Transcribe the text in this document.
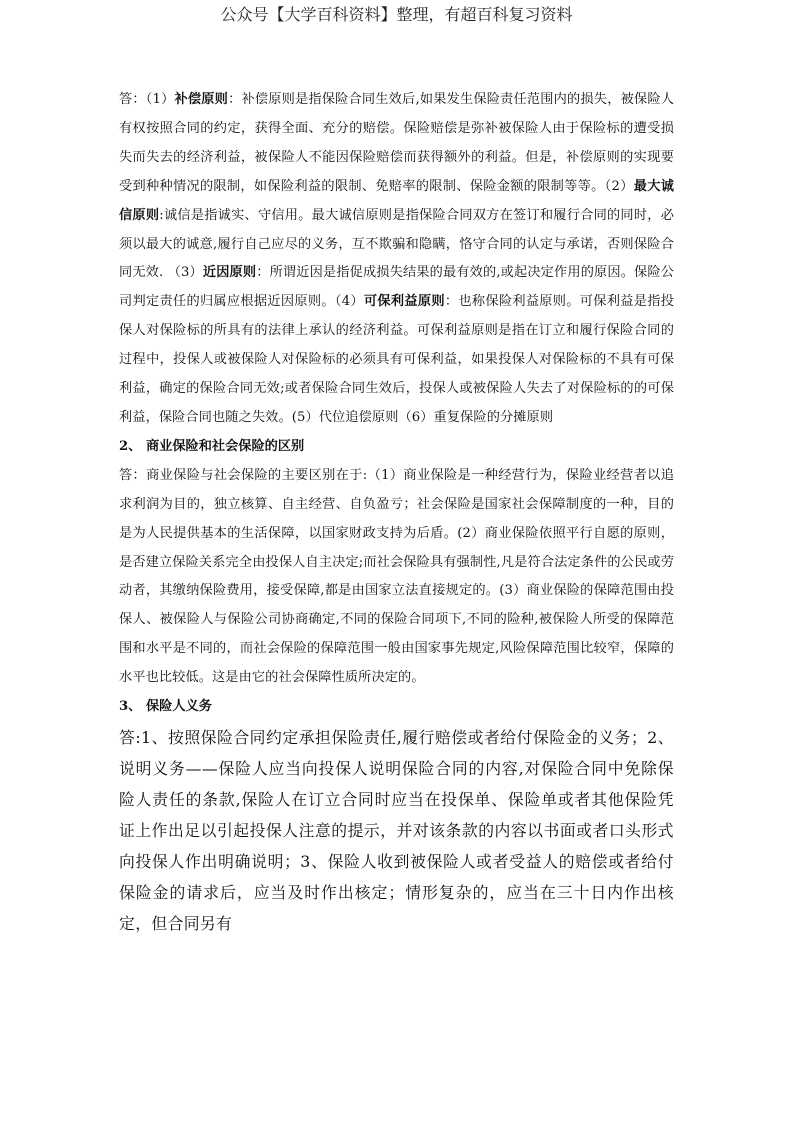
公众号【大学百科资料】整理，有超百科复习资料

答：（1）补偿原则：补偿原则是指保险合同生效后,如果发生保险责任范围内的损失，被保险人有权按照合同的约定，获得全面、充分的赔偿。保险赔偿是弥补被保险人由于保险标的遭受损失而失去的经济利益，被保险人不能因保险赔偿而获得额外的利益。但是，补偿原则的实现要受到种种情况的限制，如保险利益的限制、免赔率的限制、保险金额的限制等等。（2）最大诚信原则:诚信是指诚实、守信用。最大诚信原则是指保险合同双方在签订和履行合同的同时，必须以最大的诚意,履行自己应尽的义务，互不欺骗和隐瞒，恪守合同的认定与承诺，否则保险合同无效. （3）近因原则：所谓近因是指促成损失结果的最有效的,或起决定作用的原因。保险公司判定责任的归属应根据近因原则。（4）可保利益原则：也称保险利益原则。可保利益是指投保人对保险标的所具有的法律上承认的经济利益。可保利益原则是指在订立和履行保险合同的过程中，投保人或被保险人对保险标的必须具有可保利益，如果投保人对保险标的不具有可保利益，确定的保险合同无效;或者保险合同生效后，投保人或被保险人失去了对保险标的的可保利益，保险合同也随之失效。(5）代位追偿原则（6）重复保险的分摊原则

2、 商业保险和社会保险的区别

答：商业保险与社会保险的主要区别在于:（1）商业保险是一种经营行为，保险业经营者以追求利润为目的，独立核算、自主经营、自负盈亏；社会保险是国家社会保障制度的一种，目的是为人民提供基本的生活保障，以国家财政支持为后盾。(2）商业保险依照平行自愿的原则，是否建立保险关系完全由投保人自主决定;而社会保险具有强制性,凡是符合法定条件的公民或劳动者，其缴纳保险费用，接受保障,都是由国家立法直接规定的。(3）商业保险的保障范围由投保人、被保险人与保险公司协商确定,不同的保险合同项下,不同的险种,被保险人所受的保障范围和水平是不同的，而社会保险的保障范围一般由国家事先规定,风险保障范围比较窄，保障的水平也比较低。这是由它的社会保障性质所决定的。

3、 保险人义务

答:1、按照保险合同约定承担保险责任,履行赔偿或者给付保险金的义务；2、说明义务——保险人应当向投保人说明保险合同的内容,对保险合同中免除保险人责任的条款,保险人在订立合同时应当在投保单、保险单或者其他保险凭证上作出足以引起投保人注意的提示，并对该条款的内容以书面或者口头形式向投保人作出明确说明；3、保险人收到被保险人或者受益人的赔偿或者给付保险金的请求后，应当及时作出核定；情形复杂的，应当在三十日内作出核定，但合同另有
